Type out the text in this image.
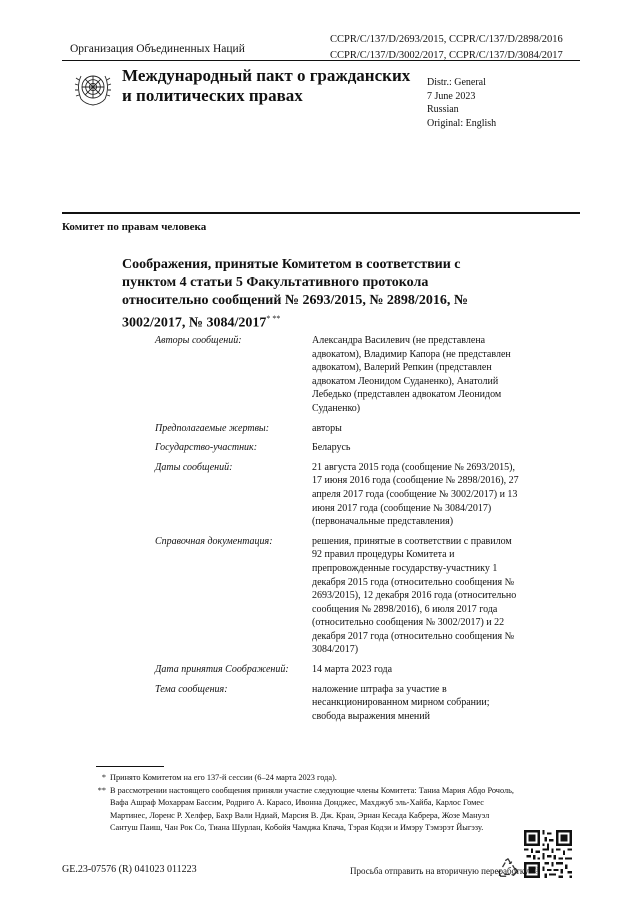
Организация Объединенных Наций
CCPR/C/137/D/2693/2015, CCPR/C/137/D/2898/2016
CCPR/C/137/D/3002/2017, CCPR/C/137/D/3084/2017
Международный пакт о гражданских и политических правах
Distr.: General
7 June 2023
Russian
Original: English
Комитет по правам человека
Соображения, принятые Комитетом в соответствии с пунктом 4 статьи 5 Факультативного протокола относительно сообщений № 2693/2015, № 2898/2016, № 3002/2017, № 3084/2017* **
Авторы сообщений:	Александра Василевич (не представлена адвокатом), Владимир Капора (не представлен адвокатом), Валерий Репкин (представлен адвокатом Леонидом Суданенко), Анатолий Лебедько (представлен адвокатом Леонидом Суданенко)
Предполагаемые жертвы:	авторы
Государство-участник:	Беларусь
Даты сообщений:	21 августа 2015 года (сообщение № 2693/2015), 17 июня 2016 года (сообщение № 2898/2016), 27 апреля 2017 года (сообщение № 3002/2017) и 13 июня 2017 года (сообщение № 3084/2017) (первоначальные представления)
Справочная документация:	решения, принятые в соответствии с правилом 92 правил процедуры Комитета и препровожденные государству-участнику 1 декабря 2015 года (относительно сообщения № 2693/2015), 12 декабря 2016 года (относительно сообщения № 2898/2016), 6 июля 2017 года (относительно сообщения № 3002/2017) и 22 декабря 2017 года (относительно сообщения № 3084/2017)
Дата принятия Соображений:	14 марта 2023 года
Тема сообщения:	наложение штрафа за участие в несанкционированном мирном собрании; свобода выражения мнений
* Принято Комитетом на его 137-й сессии (6–24 марта 2023 года).
** В рассмотрении настоящего сообщения приняли участие следующие члены Комитета: Таниа Мария Абдо Рочоль, Вафа Ашраф Мохаррам Бассим, Родриго А. Карасо, Ивонна Донджес, Махджуб эль-Хайба, Карлос Гомес Мартинес, Лоренс Р. Хелфер, Бахр Вали Ндиай, Марсия В. Дж. Кран, Эрнан Кесада Кабрера, Жозе Мануэл Сантуш Паиш, Чан Рок Со, Тиана Шурлан, Кобойя Чамджа Кпача, Тэрая Кодзи и Имэру Тэмэрэт Йыгэзу.
GE.23-07576 (R) 041023 011223	Просьба отправить на вторичную переработку ♲
